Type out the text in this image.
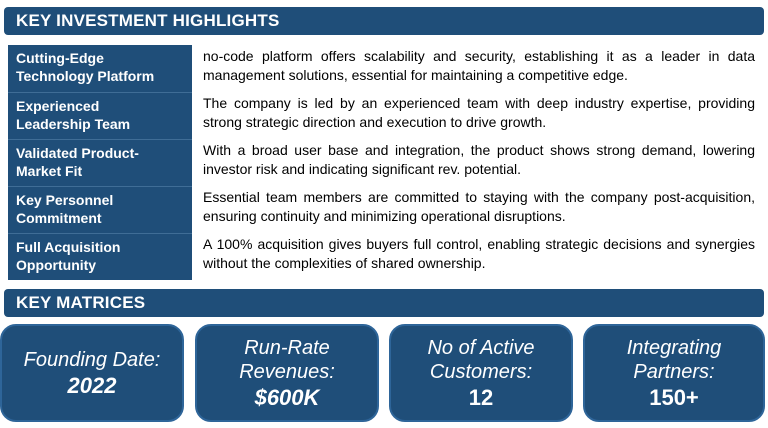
KEY INVESTMENT HIGHLIGHTS
Cutting-Edge
Technology Platform
no-code platform offers scalability and security, establishing it as a leader in data management solutions, essential for maintaining a competitive edge.
Experienced
Leadership Team
The company is led by an experienced team with deep industry expertise, providing strong strategic direction and execution to drive growth.
Validated Product-
Market Fit
With a broad user base and integration, the product shows strong demand, lowering investor risk and indicating significant rev. potential.
Key Personnel
Commitment
Essential team members are committed to staying with the company post-acquisition, ensuring continuity and minimizing operational disruptions.
Full Acquisition
Opportunity
A 100% acquisition gives buyers full control, enabling strategic decisions and synergies without the complexities of shared ownership.
KEY MATRICES
Founding Date:
2022
Run-Rate
Revenues:
$600K
No of Active
Customers:
12
Integrating
Partners:
150+
